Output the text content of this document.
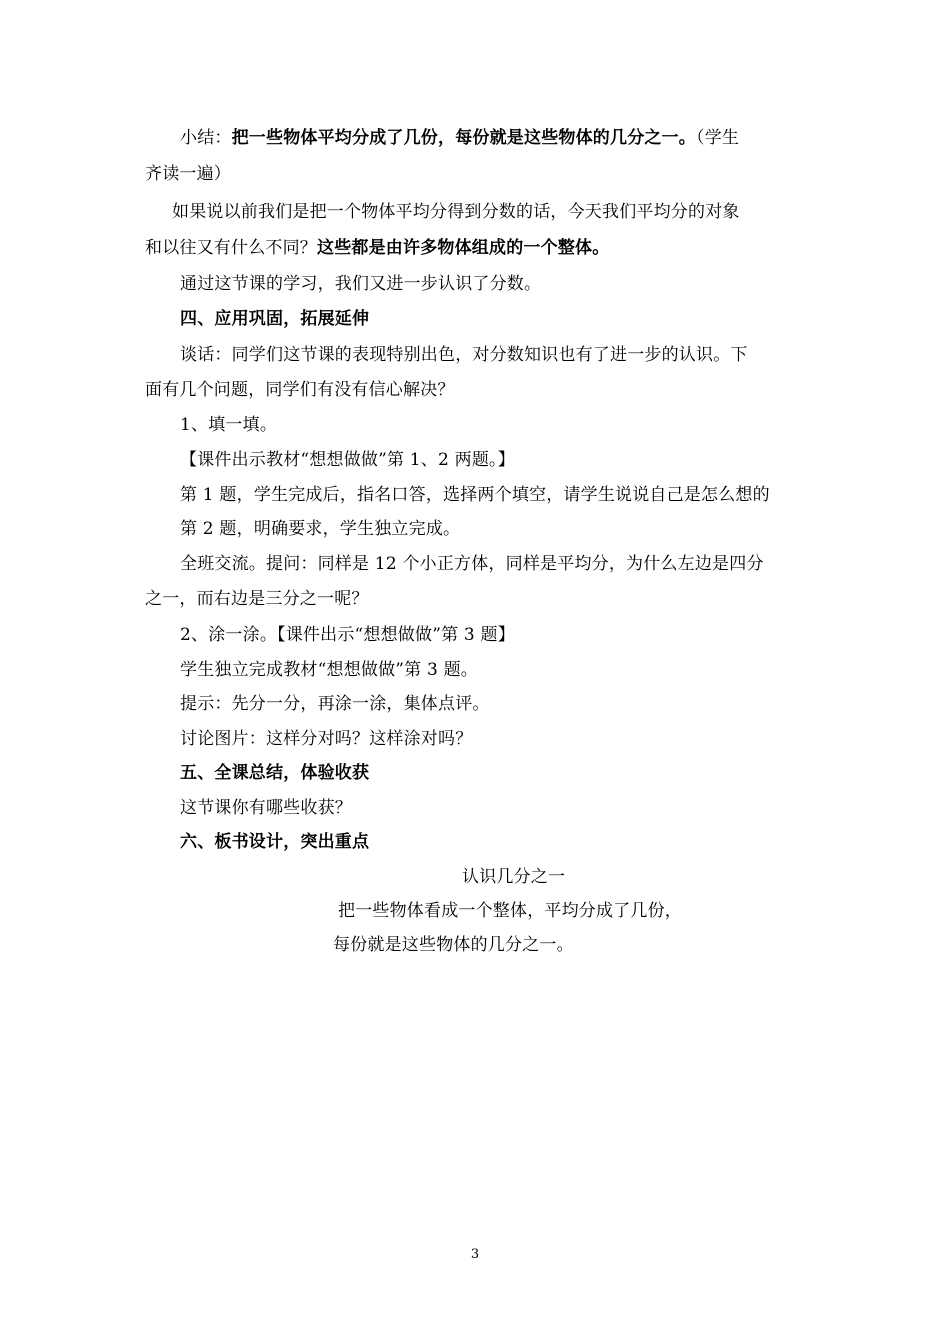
小结：把一些物体平均分成了几份，每份就是这些物体的几分之一。（学生
齐读一遍）
如果说以前我们是把一个物体平均分得到分数的话，今天我们平均分的对象
和以往又有什么不同？这些都是由许多物体组成的一个整体。
通过这节课的学习，我们又进一步认识了分数。
四、应用巩固，拓展延伸
谈话：同学们这节课的表现特别出色，对分数知识也有了进一步的认识。下
面有几个问题，同学们有没有信心解决？
1、填一填。
【课件出示教材“想想做做”第 1、2 两题。】
第 1 题，学生完成后，指名口答，选择两个填空，请学生说说自己是怎么想的
第 2 题，明确要求，学生独立完成。
全班交流。提问：同样是 12 个小正方体，同样是平均分，为什么左边是四分
之一，而右边是三分之一呢？
2、涂一涂。【课件出示“想想做做”第 3 题】
学生独立完成教材“想想做做”第 3 题。
提示：先分一分，再涂一涂，集体点评。
讨论图片：这样分对吗？这样涂对吗？
五、全课总结，体验收获
这节课你有哪些收获？
六、板书设计，突出重点
认识几分之一
把一些物体看成一个整体，平均分成了几份，
每份就是这些物体的几分之一。
3
